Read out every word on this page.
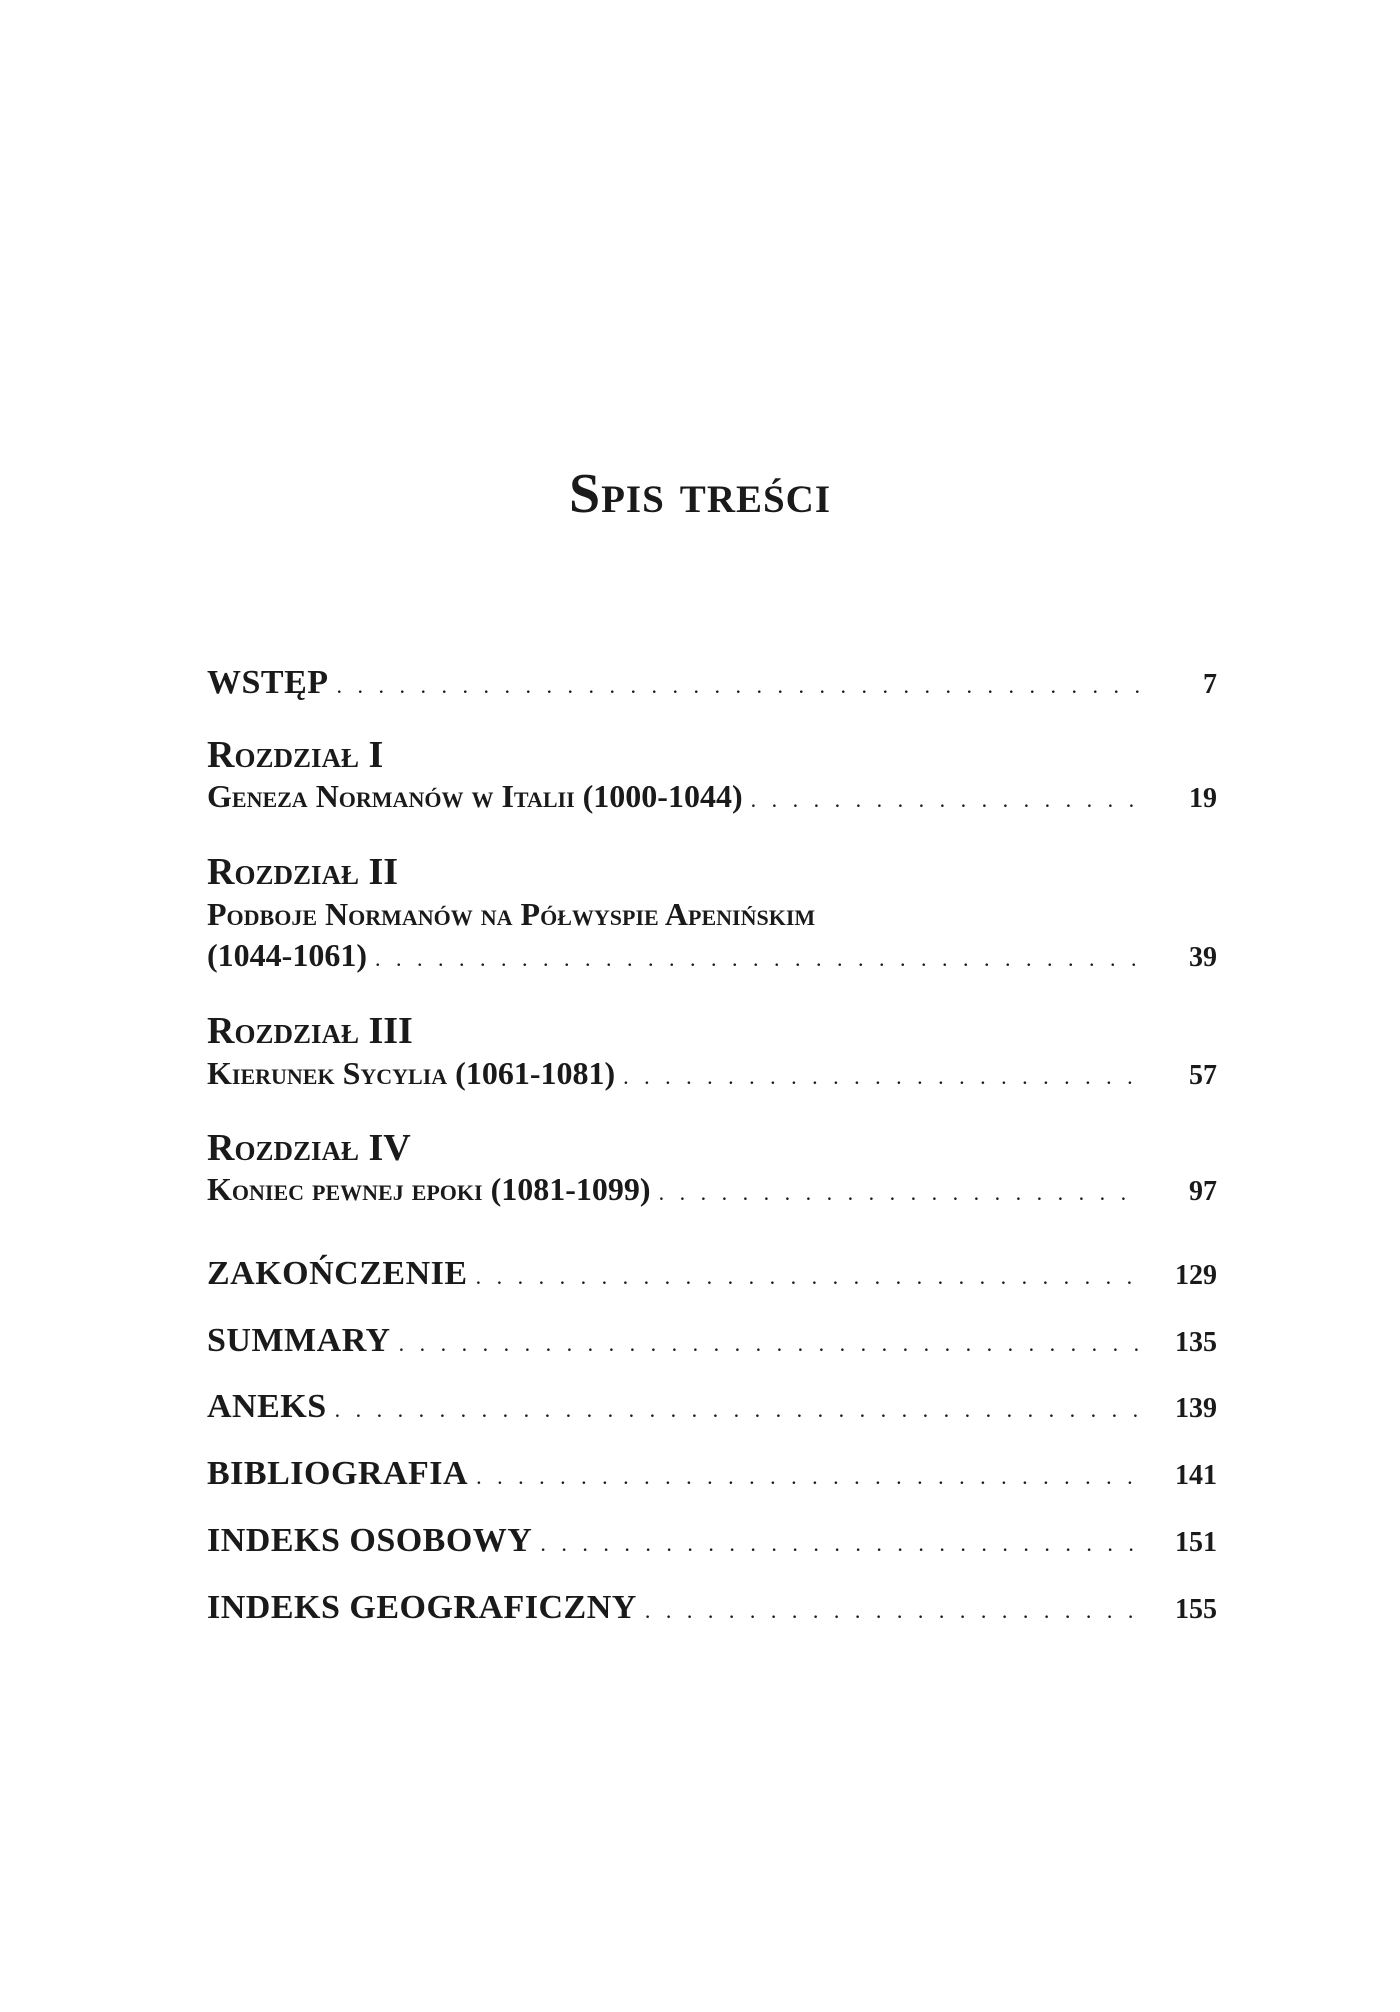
Spis treści
WSTĘP . . .	7
Rozdział I
Geneza Normanów w Italii (1000-1044) . . .	19
Rozdział II
Podboje Normanów na Półwyspie Apenińskim
(1044-1061) . . .	39
Rozdział III
Kierunek Sycylia (1061-1081) . . .	57
Rozdział IV
Koniec pewnej epoki (1081-1099) . . .	97
ZAKOŃCZENIE . . .	129
SUMMARY . . .	135
ANEKS . . .	139
BIBLIOGRAFIA . . .	141
INDEKS OSOBOWY . . .	151
INDEKS GEOGRAFICZNY . . .	155
